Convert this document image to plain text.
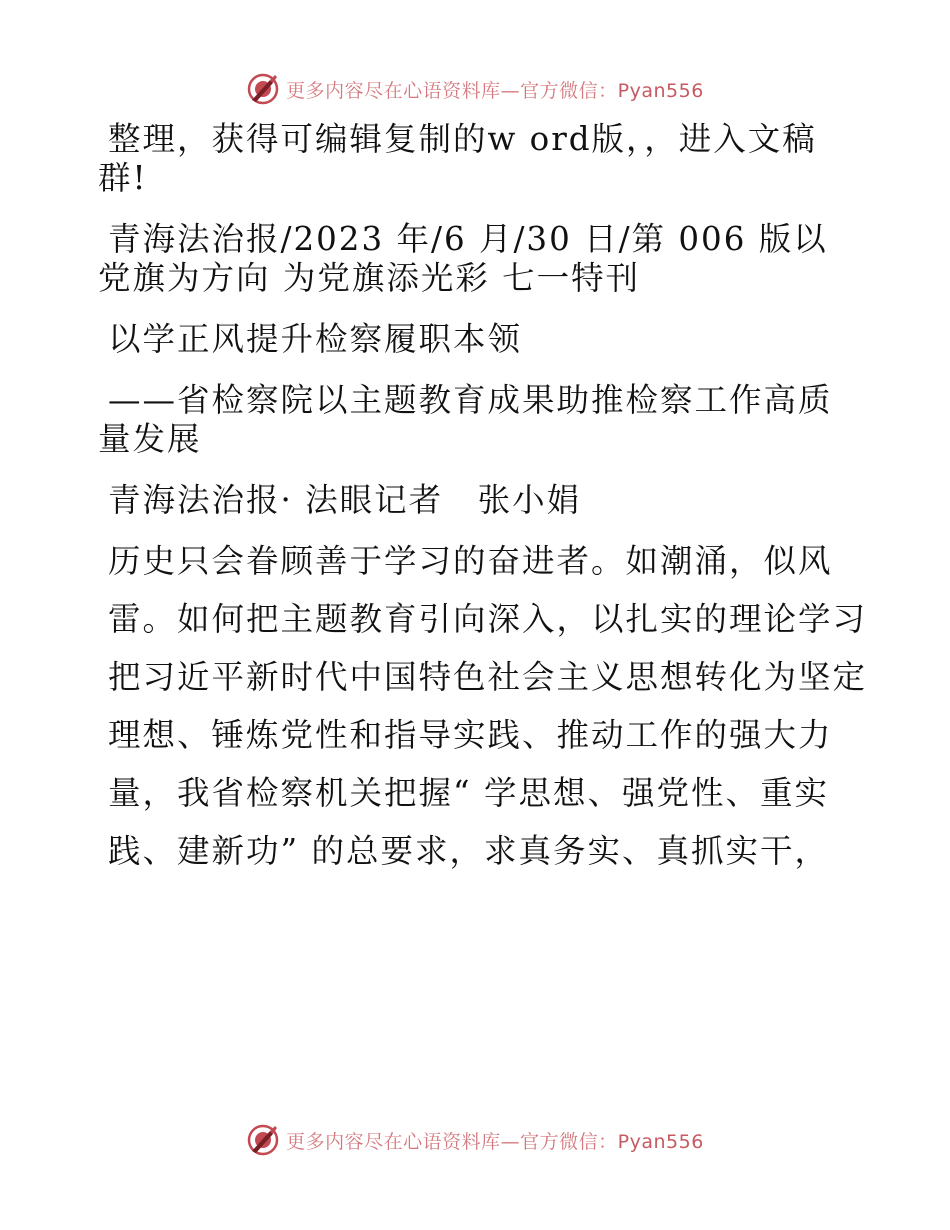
更多内容尽在心语资料库—官方微信：Pyan556

整理，获得可编辑复制的w ord版，，进入文稿群!

青海法治报/2023 年/6 月/30 日/第 006 版以党旗为方向 为党旗添光彩 七一特刊

以学正风提升检察履职本领

——省检察院以主题教育成果助推检察工作高质量发展

青海法治报· 法眼记者　张小娟

历史只会眷顾善于学习的奋进者。如潮涌，似风
雷。如何把主题教育引向深入，以扎实的理论学习
把习近平新时代中国特色社会主义思想转化为坚定
理想、锤炼党性和指导实践、推动工作的强大力
量，我省检察机关把握“ 学思想、强党性、重实
践、建新功” 的总要求，求真务实、真抓实干，
更多内容尽在心语资料库—官方微信：Pyan556
